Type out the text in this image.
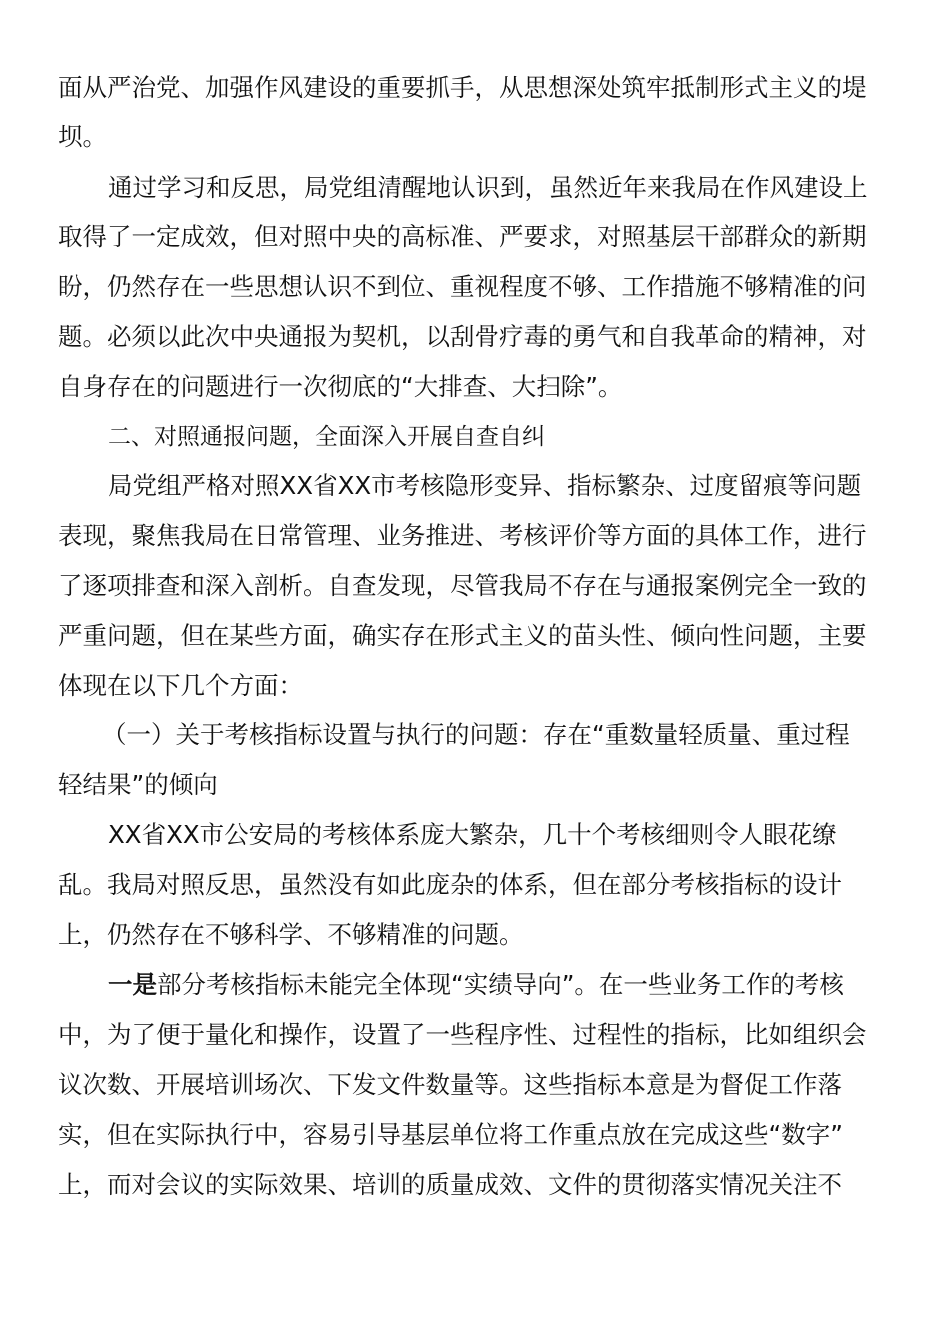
面从严治党、加强作风建设的重要抓手，从思想深处筑牢抵制形式主义的堤
坝。
通过学习和反思，局党组清醒地认识到，虽然近年来我局在作风建设上
取得了一定成效，但对照中央的高标准、严要求，对照基层干部群众的新期
盼，仍然存在一些思想认识不到位、重视程度不够、工作措施不够精准的问
题。必须以此次中央通报为契机，以刮骨疗毒的勇气和自我革命的精神，对
自身存在的问题进行一次彻底的“大排查、大扫除”。
二、对照通报问题，全面深入开展自查自纠
局党组严格对照XX省XX市考核隐形变异、指标繁杂、过度留痕等问题
表现，聚焦我局在日常管理、业务推进、考核评价等方面的具体工作，进行
了逐项排查和深入剖析。自查发现，尽管我局不存在与通报案例完全一致的
严重问题，但在某些方面，确实存在形式主义的苗头性、倾向性问题，主要
体现在以下几个方面：
（一）关于考核指标设置与执行的问题：存在“重数量轻质量、重过程
轻结果”的倾向
XX省XX市公安局的考核体系庞大繁杂，几十个考核细则令人眼花缭
乱。我局对照反思，虽然没有如此庞杂的体系，但在部分考核指标的设计
上，仍然存在不够科学、不够精准的问题。
一是部分考核指标未能完全体现“实绩导向”。在一些业务工作的考核
中，为了便于量化和操作，设置了一些程序性、过程性的指标，比如组织会
议次数、开展培训场次、下发文件数量等。这些指标本意是为督促工作落
实，但在实际执行中，容易引导基层单位将工作重点放在完成这些“数字”
上，而对会议的实际效果、培训的质量成效、文件的贯彻落实情况关注不
